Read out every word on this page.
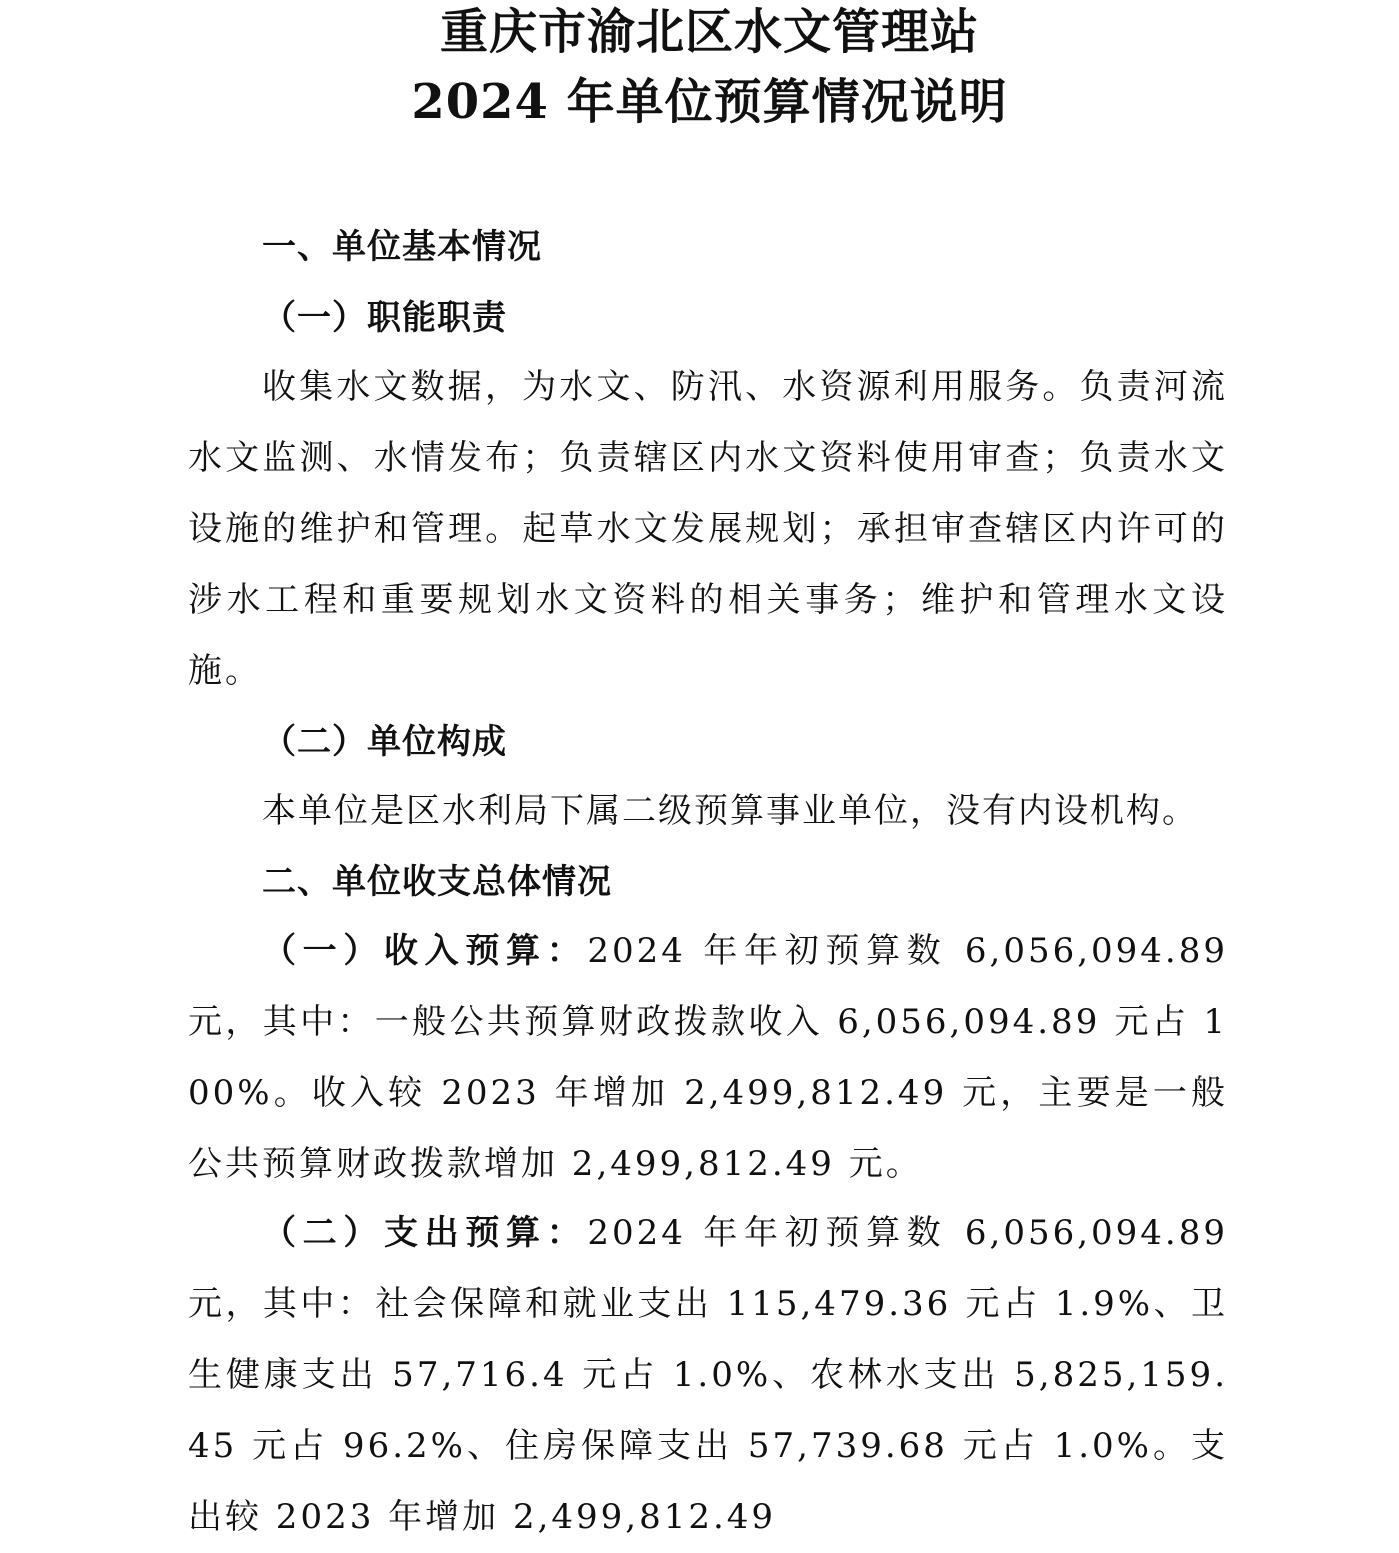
重庆市渝北区水文管理站
2024 年单位预算情况说明
一、单位基本情况
（一）职能职责

收集水文数据，为水文、防汛、水资源利用服务。负责河流水文监测、水情发布；负责辖区内水文资料使用审查；负责水文设施的维护和管理。起草水文发展规划；承担审查辖区内许可的涉水工程和重要规划水文资料的相关事务；维护和管理水文设施。

（二）单位构成

本单位是区水利局下属二级预算事业单位，没有内设机构。

二、单位收支总体情况

（一）收入预算：2024 年年初预算数 6,056,094.89 元，其中：一般公共预算财政拨款收入 6,056,094.89 元占 100%。收入较 2023 年增加 2,499,812.49 元，主要是一般公共预算财政拨款增加 2,499,812.49 元。

（二）支出预算：2024 年年初预算数 6,056,094.89 元，其中：社会保障和就业支出 115,479.36 元占 1.9%、卫生健康支出 57,716.4 元占 1.0%、农林水支出 5,825,159.45 元占 96.2%、住房保障支出 57,739.68 元占 1.0%。支出较 2023 年增加 2,499,812.49
